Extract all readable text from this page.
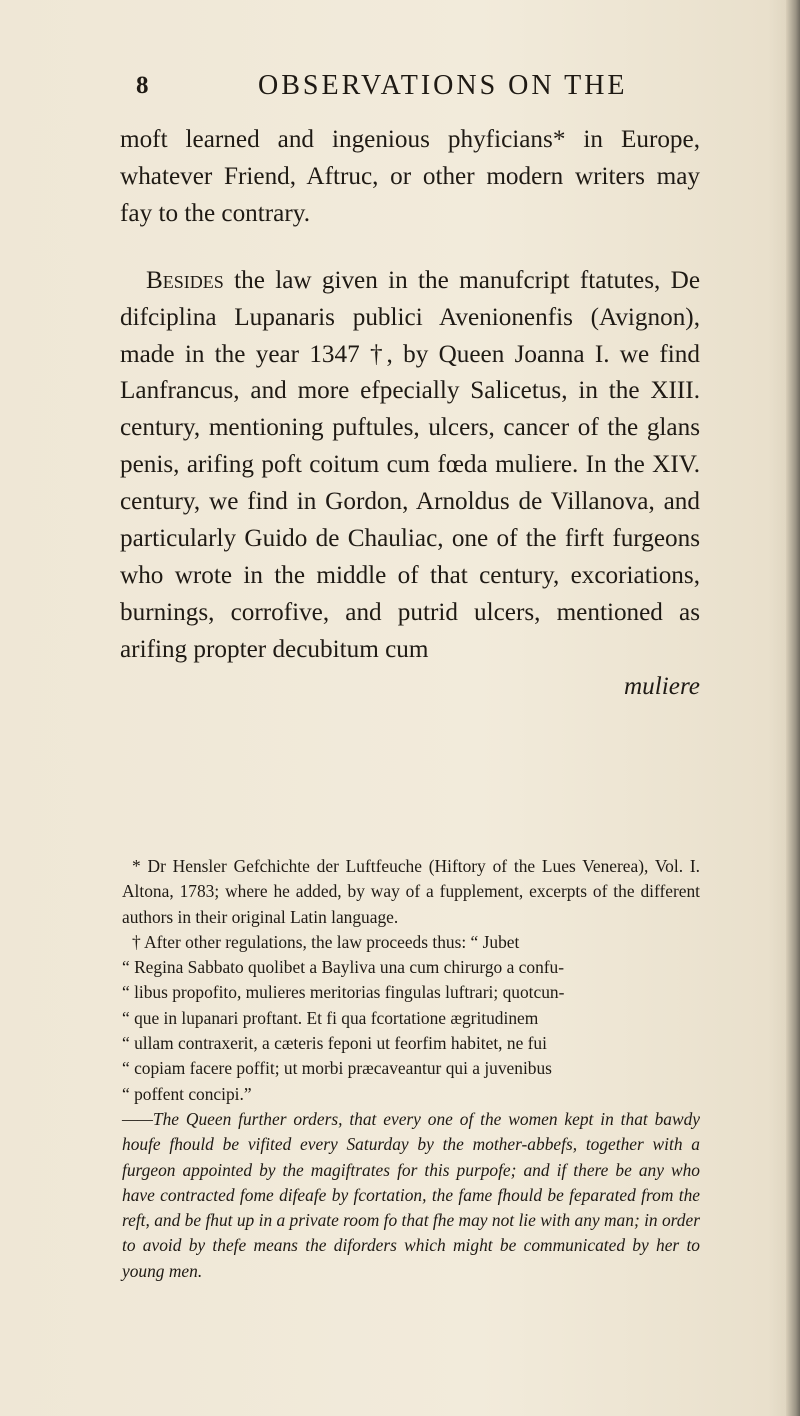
8	OBSERVATIONS ON THE

moft learned and ingenious phyficians* in Europe, whatever Friend, Aftruc, or other modern writers may fay to the contrary.

Besides the law given in the manufcript ftatutes, De difciplina Lupanaris publici Avenionenfis (Avignon), made in the year 1347 †, by Queen Joanna I. we find Lanfrancus, and more efpecially Salicetus, in the XIII. century, mentioning puftules, ulcers, cancer of the glans penis, arifing poft coitum cum fœda muliere. In the XIV. century, we find in Gordon, Arnoldus de Villanova, and particularly Guido de Chauliac, one of the firft furgeons who wrote in the middle of that century, excoriations, burnings, corrofive, and putrid ulcers, mentioned as arifing propter decubitum cum

muliere

* Dr Hensler Gefchichte der Luftfeuche (Hiftory of the Lues Venerea), Vol. I. Altona, 1783; where he added, by way of a fupplement, excerpts of the different authors in their original Latin language.

† After other regulations, the law proceeds thus: “ Jubet

“ Regina Sabbato quolibet a Bayliva una cum chirurgo a confu-

“ libus propofito, mulieres meritorias fingulas luftrari; quotcun-

“ que in lupanari proftant. Et fi qua fcortatione ægritudinem

“ ullam contraxerit, a cæteris feponi ut feorfim habitet, ne fui

“ copiam facere poffit; ut morbi præcaveantur qui a juvenibus

“ poffent concipi.”

——The Queen further orders, that every one of the women kept in that bawdy houfe fhould be vifited every Saturday by the mother-abbefs, together with a furgeon appointed by the magiftrates for this purpofe; and if there be any who have contracted fome difeafe by fcortation, the fame fhould be feparated from the reft, and be fhut up in a private room fo that fhe may not lie with any man; in order to avoid by thefe means the diforders which might be communicated by her to young men.
